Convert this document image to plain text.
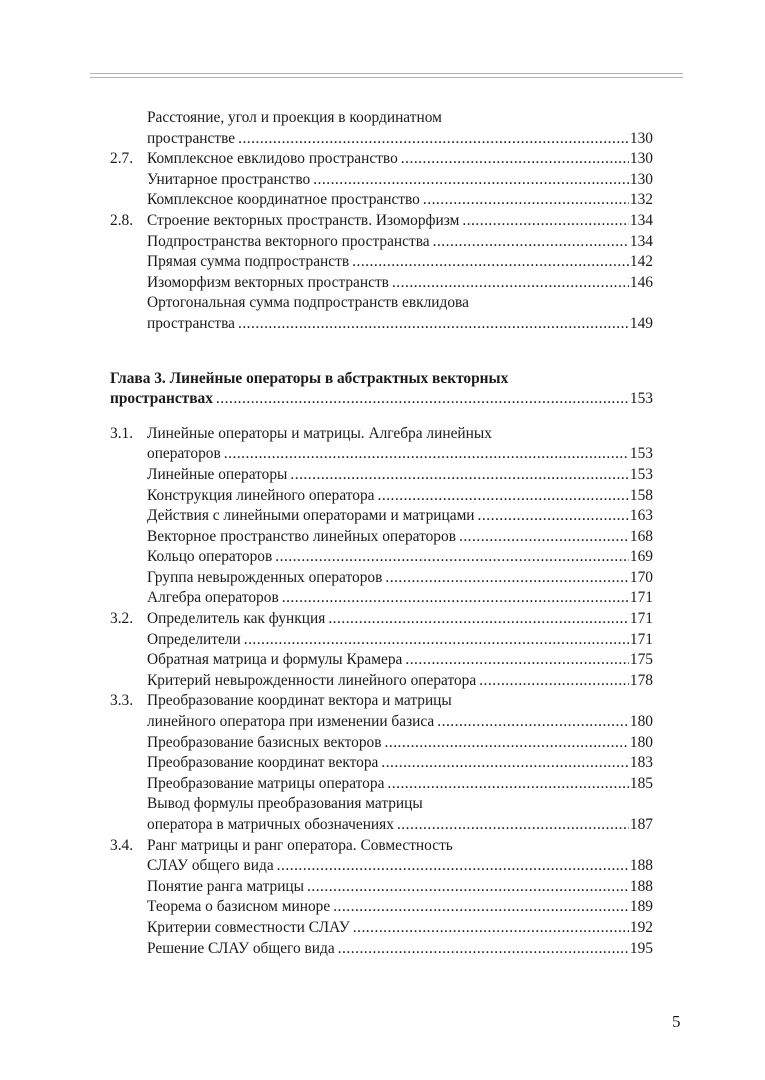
Расстояние, угол и проекция в координатном
пространстве .....	130
2.7. Комплексное евклидово пространство .....	130
Унитарное пространство .....	130
Комплексное координатное пространство .....	132
2.8. Строение векторных пространств. Изоморфизм .....	134
Подпространства векторного пространства .....	134
Прямая сумма подпространств .....	142
Изоморфизм векторных пространств .....	146
Ортогональная сумма подпространств евклидова
пространства .....	149
Глава 3. Линейные операторы в абстрактных векторных
пространствах .....	153
3.1. Линейные операторы и матрицы. Алгебра линейных
операторов .....	153
Линейные операторы .....	153
Конструкция линейного оператора .....	158
Действия с линейными операторами и матрицами .....	163
Векторное пространство линейных операторов .....	168
Кольцо операторов .....	169
Группа невырожденных операторов .....	170
Алгебра операторов .....	171
3.2. Определитель как функция .....	171
Определители .....	171
Обратная матрица и формулы Крамера .....	175
Критерий невырожденности линейного оператора .....	178
3.3. Преобразование координат вектора и матрицы
линейного оператора при изменении базиса .....	180
Преобразование базисных векторов .....	180
Преобразование координат вектора .....	183
Преобразование матрицы оператора .....	185
Вывод формулы преобразования матрицы
оператора в матричных обозначениях .....	187
3.4. Ранг матрицы и ранг оператора. Совместность
СЛАУ общего вида .....	188
Понятие ранга матрицы .....	188
Теорема о базисном миноре .....	189
Критерии совместности СЛАУ .....	192
Решение СЛАУ общего вида .....	195
5
